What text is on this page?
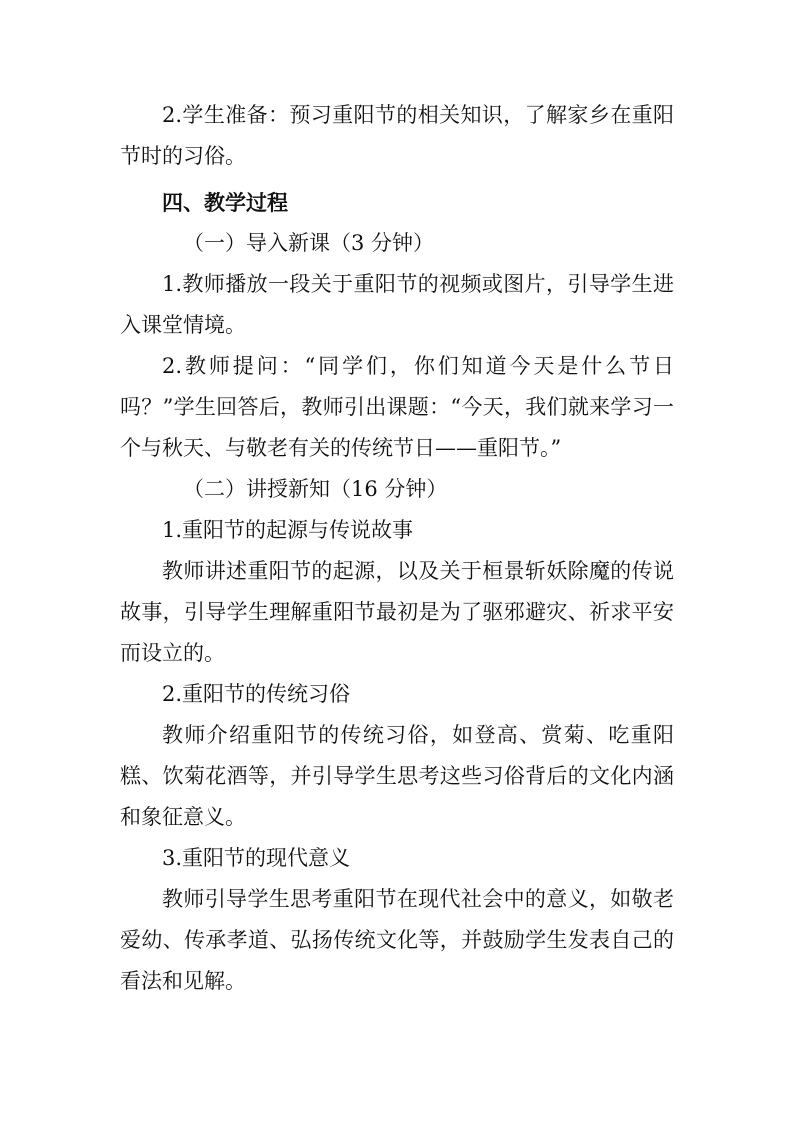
2.学生准备：预习重阳节的相关知识，了解家乡在重阳节时的习俗。

四、教学过程

（一）导入新课（3 分钟）

1.教师播放一段关于重阳节的视频或图片，引导学生进入课堂情境。

2.教师提问：“同学们，你们知道今天是什么节日吗？”学生回答后，教师引出课题：“今天，我们就来学习一个与秋天、与敬老有关的传统节日——重阳节。”

（二）讲授新知（16 分钟）

1.重阳节的起源与传说故事

教师讲述重阳节的起源，以及关于桓景斩妖除魔的传说故事，引导学生理解重阳节最初是为了驱邪避灾、祈求平安而设立的。

2.重阳节的传统习俗

教师介绍重阳节的传统习俗，如登高、赏菊、吃重阳糕、饮菊花酒等，并引导学生思考这些习俗背后的文化内涵和象征意义。

3.重阳节的现代意义

教师引导学生思考重阳节在现代社会中的意义，如敬老爱幼、传承孝道、弘扬传统文化等，并鼓励学生发表自己的看法和见解。
